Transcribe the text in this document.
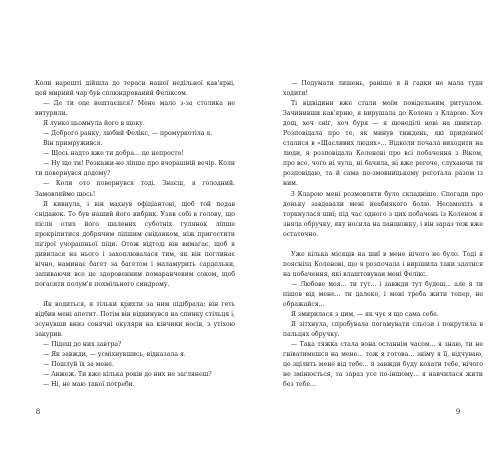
Коли нарешті дійшла до тераси нашої недільної кав'ярні, цей мирний чар був сплюндрований Феліксом.

— Де ти оце вештаєшся? Мене мало з-за столика не витурили.

Я лунко цьомнула його в щоку.

— Доброго ранку, любий Фелікс, — промуркотіла я.

Він примружився.

— Щось надто вже ти добра... це непросто!

— Ну що ти! Розкажи-но ліпше про вчорашній вечір. Коли ти повернувся додому?

— Коли ото повернувся тоді. Знаєш, я голодний. Замовляймо щось!

Я кивнула, і він махнув офіціантові, щоб той подав сніданок. То був наший його вибрик. Узяв собі в голову, що після отих його шалених суботніх гулянок ліпше прокріпитися добрячим ліпшим сніданком, ніж пригостити пігірої учорашньої піци. Отож відтоді він вимагає, щоб я дивилася на нього і захоплювалася тим, як він поглинає вічно, наминає багет за багетом і маламурить сардельки, запиваючи все це здоровенним помаранчевим соком, щоб погасити полум'я похмільного синдрому.

Як водиться, я тільки крихти за ним підібрала; він геть відбив мені апетит. Потім він відкинувся на спинку стільця і, зсунувши вниз сонячні окуляри на кінчики носів, з утіхою закурив.

— Підеш до них завтра?

— Як завжди, — усміхнувшись, відказала я.

— Пошлуй їх за мене.

— Авжеж. Ти вже кілька років до них не заглянеш?

— Ні, не маю такої потреби.

8

— Подумати лишень, раніше я й гадки не мала туди ходити!

Ті відвідини вже стали моїм повідельним ритуалом. Зачинивши кав'ярню, я вирушала до Колена з Кларою. Хоч дощ, хоч сніг, хоч буря — я щонеділі нові на цвинтар. Розповідала про те, як минув тиждень, які приденної сталися в «Щасливих людях»... Відколи почала виходити на люди, я розповідала Коленові про всі побачення з Віком, про все, чого ні чула, ні бачила, ні вже регоче, слухаючи ти розповідаю, та й сама по-змовницькому реготала разом із ним.

З Кларою мені розмовляти було складніше. Спогади про доньку завдавали мені неабиякого болю. Несамохіть я торкнулася шиї; під час одного з цих побачень із Коленом я зняла обручку, яку носила на ланцюжку, і він зараз теж вже остаточно.

Уже кілька місяців на шиї в мене нічого не було. Тоді я поясніла Коленові, що я розпочала і вирішила таки здатися на побачення, які влаштовуваи мені Фелікс.

— Любове моя... ти тут... і завжди тут будеш... але я ти пішов від мене... ти далеко, і мені треба жити тепер, не ображайся...

Я змирилася з цим, — як чує я що сама себе.

Я зітхнула, спробувала погамувати сльози і покрутила в пальцях обручку.

— Така тяжка стала вона останнім часом... я знаю, ти не гніватимешся на мене... тож я готова... зніму я її, відчуваю, це зцілить мене від тебе... я завжди буду кохати тебе, нічого не змінюється, та зараз усе по-іншому... я навчилася жити без тебе...

9
